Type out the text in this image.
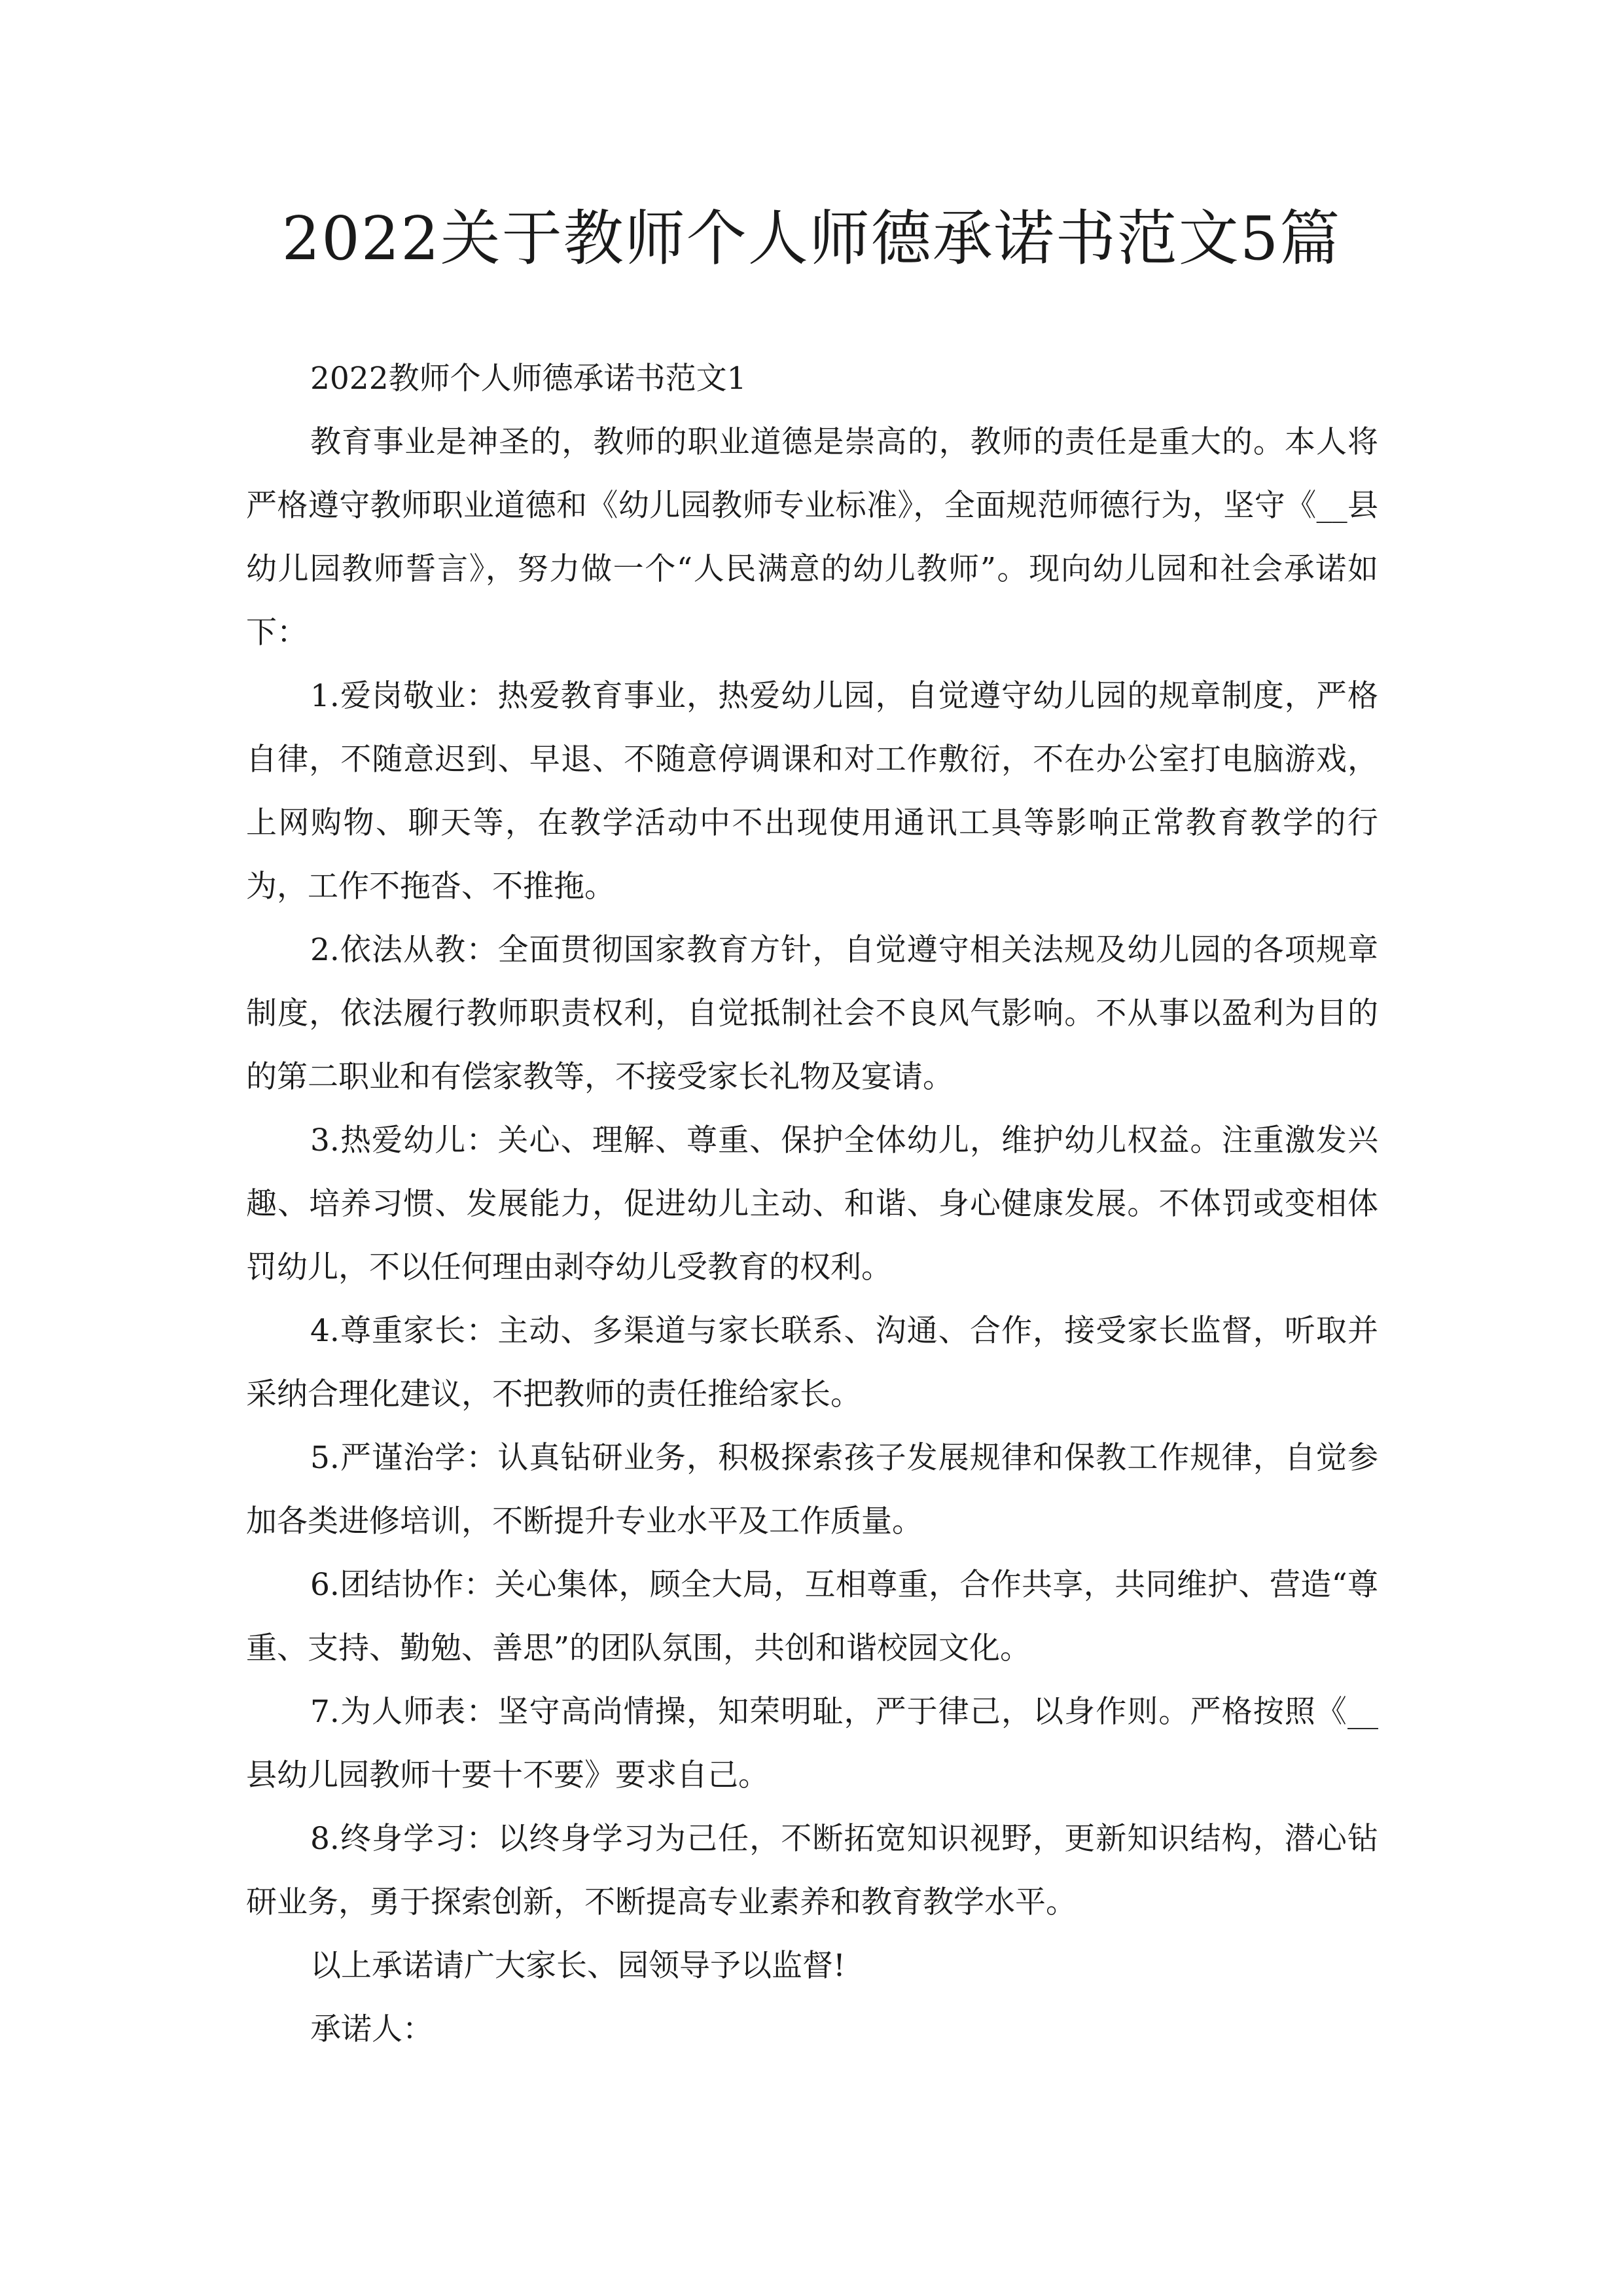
2022关于教师个人师德承诺书范文5篇

2022教师个人师德承诺书范文1

教育事业是神圣的，教师的职业道德是崇高的，教师的责任是重大的。本人将严格遵守教师职业道德和《幼儿园教师专业标准》，全面规范师德行为，坚守《__县幼儿园教师誓言》，努力做一个“人民满意的幼儿教师”。现向幼儿园和社会承诺如下：

1.爱岗敬业：热爱教育事业，热爱幼儿园，自觉遵守幼儿园的规章制度，严格自律，不随意迟到、早退、不随意停调课和对工作敷衍，不在办公室打电脑游戏，上网购物、聊天等，在教学活动中不出现使用通讯工具等影响正常教育教学的行为，工作不拖沓、不推拖。

2.依法从教：全面贯彻国家教育方针，自觉遵守相关法规及幼儿园的各项规章制度，依法履行教师职责权利，自觉抵制社会不良风气影响。不从事以盈利为目的的第二职业和有偿家教等，不接受家长礼物及宴请。

3.热爱幼儿：关心、理解、尊重、保护全体幼儿，维护幼儿权益。注重激发兴趣、培养习惯、发展能力，促进幼儿主动、和谐、身心健康发展。不体罚或变相体罚幼儿，不以任何理由剥夺幼儿受教育的权利。

4.尊重家长：主动、多渠道与家长联系、沟通、合作，接受家长监督，听取并采纳合理化建议，不把教师的责任推给家长。

5.严谨治学：认真钻研业务，积极探索孩子发展规律和保教工作规律，自觉参加各类进修培训，不断提升专业水平及工作质量。

6.团结协作：关心集体，顾全大局，互相尊重，合作共享，共同维护、营造“尊重、支持、勤勉、善思”的团队氛围，共创和谐校园文化。

7.为人师表：坚守高尚情操，知荣明耻，严于律己，以身作则。严格按照《__县幼儿园教师十要十不要》要求自己。

8.终身学习：以终身学习为己任，不断拓宽知识视野，更新知识结构，潜心钻研业务，勇于探索创新，不断提高专业素养和教育教学水平。

以上承诺请广大家长、园领导予以监督!

承诺人：
